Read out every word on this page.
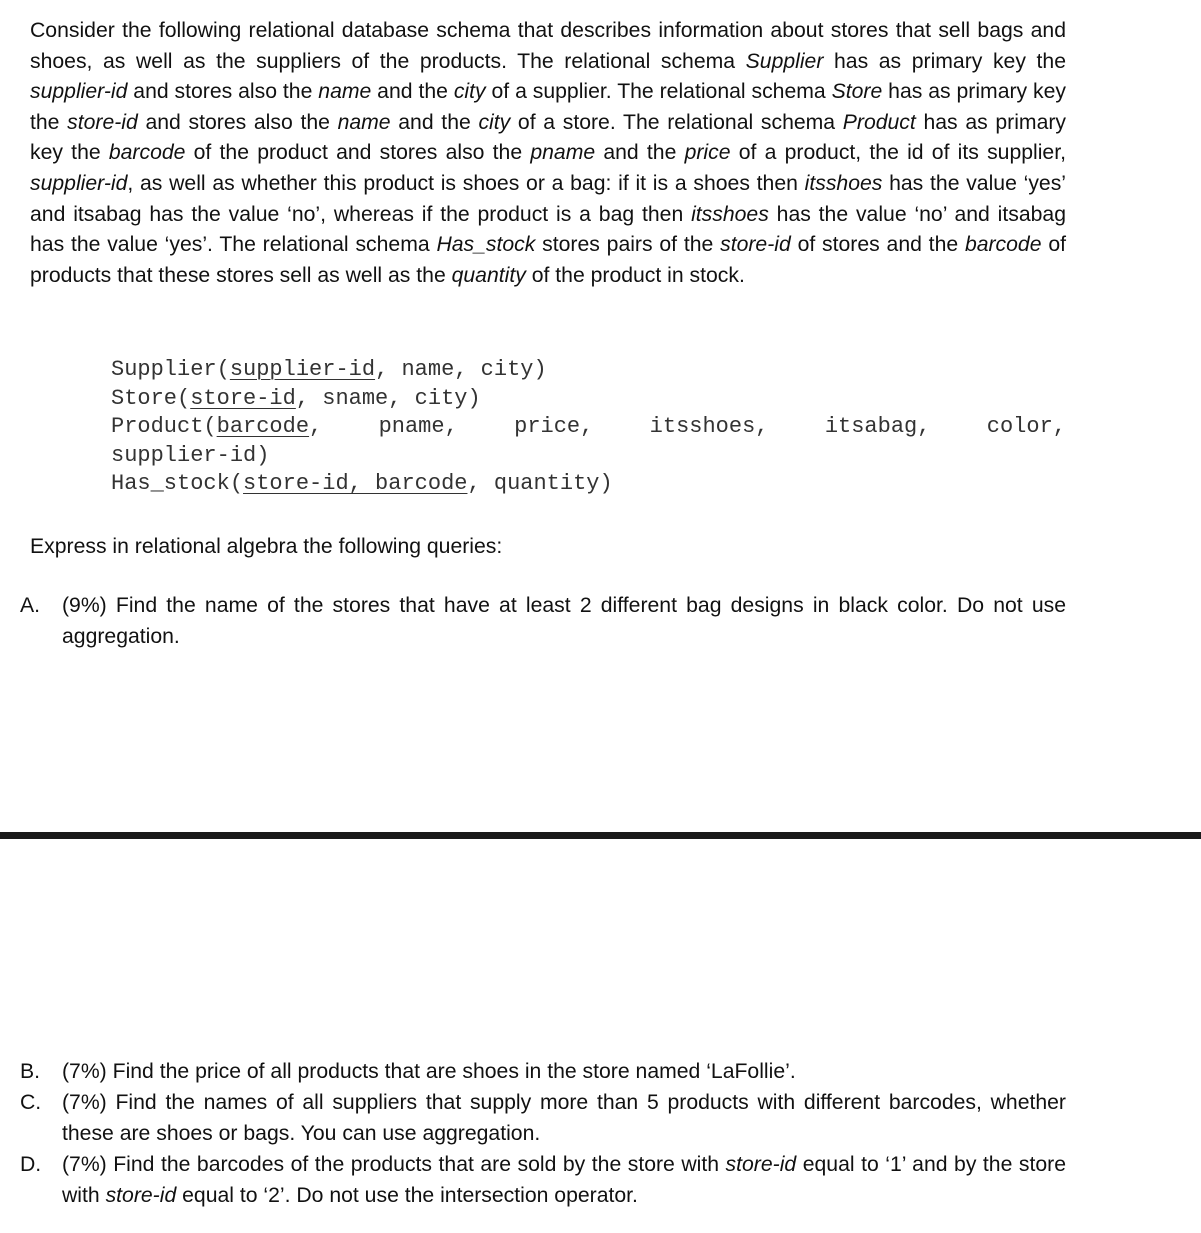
Consider the following relational database schema that describes information about stores that sell bags and shoes, as well as the suppliers of the products. The relational schema Supplier has as primary key the supplier-id and stores also the name and the city of a supplier. The relational schema Store has as primary key the store-id and stores also the name and the city of a store. The relational schema Product has as primary key the barcode of the product and stores also the pname and the price of a product, the id of its supplier, supplier-id, as well as whether this product is shoes or a bag: if it is a shoes then itsshoes has the value ‘yes’ and itsabag has the value ‘no’, whereas if the product is a bag then itsshoes has the value ‘no’ and itsabag has the value ‘yes’. The relational schema Has_stock stores pairs of the store-id of stores and the barcode of products that these stores sell as well as the quantity of the product in stock.

Supplier ( supplier-id , name, city)
Store ( store-id , sname, city)
Product(barcode,	pname,	price,	itsshoes,	itsabag,	color,
supplier-id)
Has_stock ( store-id, barcode , quantity)

Express in relational algebra the following queries:

A.	(9%) Find the name of the stores that have at least 2 different bag designs in black color. Do not use aggregation.
B.	(7%) Find the price of all products that are shoes in the store named ‘LaFollie’.
C. (7%) Find the names of all suppliers that supply more than 5 products with different barcodes, whether these are shoes or bags. You can use aggregation.
D. (7%) Find the barcodes of the products that are sold by the store with store-id equal to ‘1’ and by the store with store-id equal to ‘2’. Do not use the intersection operator.
